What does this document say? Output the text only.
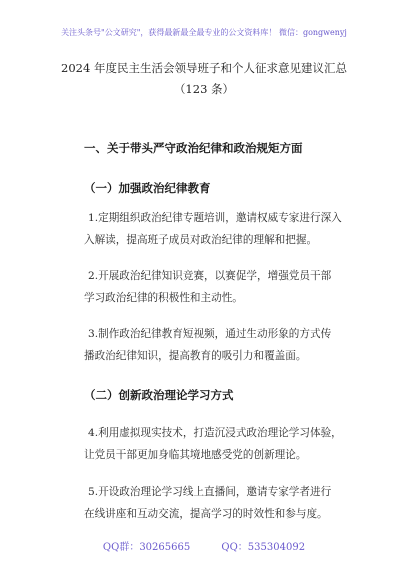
关注头条号"公文研究"，获得最新最全最专业的公文资料库！ 微信：gongwenyj
2024 年度民主生活会领导班子和个人征求意见建议汇总
（123 条）
一、关于带头严守政治纪律和政治规矩方面
（一）加强政治纪律教育
1.定期组织政治纪律专题培训，邀请权威专家进行深入
入解读，提高班子成员对政治纪律的理解和把握。
2.开展政治纪律知识竞赛，以赛促学，增强党员干部
学习政治纪律的积极性和主动性。
3.制作政治纪律教育短视频，通过生动形象的方式传
播政治纪律知识，提高教育的吸引力和覆盖面。
（二）创新政治理论学习方式
4.利用虚拟现实技术，打造沉浸式政治理论学习体验，
让党员干部更加身临其境地感受党的创新理论。
5.开设政治理论学习线上直播间，邀请专家学者进行
在线讲座和互动交流，提高学习的时效性和参与度。
QQ群：30265665	QQ：535304092
